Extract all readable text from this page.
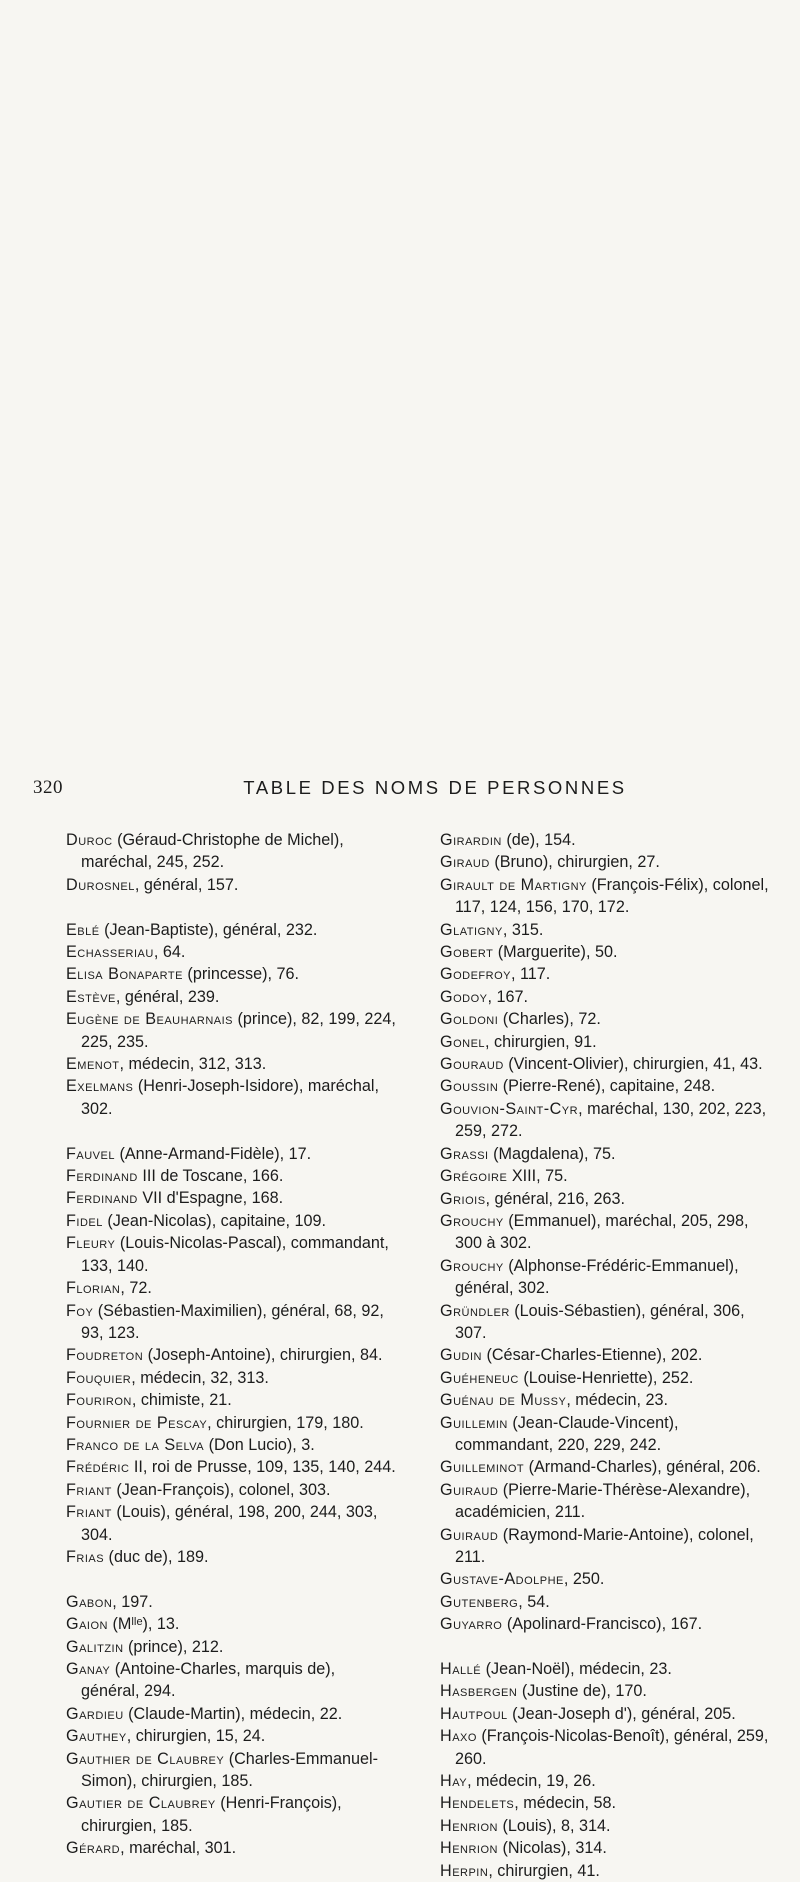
320	TABLE DES NOMS DE PERSONNES
Duroc (Géraud-Christophe de Michel), maréchal, 245, 252.
Durosnel, général, 157.
Eblé (Jean-Baptiste), général, 232.
Echasseriau, 64.
Elisa Bonaparte (princesse), 76.
Estève, général, 239.
Eugène de Beauharnais (prince), 82, 199, 224, 225, 235.
Emenot, médecin, 312, 313.
Exelmans (Henri-Joseph-Isidore), maréchal, 302.
Fauvel (Anne-Armand-Fidèle), 17.
Ferdinand III de Toscane, 166.
Ferdinand VII d'Espagne, 168.
Fidel (Jean-Nicolas), capitaine, 109.
Fleury (Louis-Nicolas-Pascal), commandant, 133, 140.
Florian, 72.
Foy (Sébastien-Maximilien), général, 68, 92, 93, 123.
Foudreton (Joseph-Antoine), chirurgien, 84.
Fouquier, médecin, 32, 313.
Fouriron, chimiste, 21.
Fournier de Pescay, chirurgien, 179, 180.
Franco de la Selva (Don Lucio), 3.
Frédéric II, roi de Prusse, 109, 135, 140, 244.
Friant (Jean-François), colonel, 303.
Friant (Louis), général, 198, 200, 244, 303, 304.
Frias (duc de), 189.
Gabon, 197.
Gaion (Mˡˡᵉ), 13.
Galitzin (prince), 212.
Ganay (Antoine-Charles, marquis de), général, 294.
Gardieu (Claude-Martin), médecin, 22.
Gauthey, chirurgien, 15, 24.
Gauthier de Claubrey (Charles-Emmanuel-Simon), chirurgien, 185.
Gautier de Claubrey (Henri-François), chirurgien, 185.
Gérard, maréchal, 301.
Girardin (de), 154.
Giraud (Bruno), chirurgien, 27.
Girault de Martigny (François-Félix), colonel, 117, 124, 156, 170, 172.
Glatigny, 315.
Gobert (Marguerite), 50.
Godefroy, 117.
Godoy, 167.
Goldoni (Charles), 72.
Gonel, chirurgien, 91.
Gouraud (Vincent-Olivier), chirurgien, 41, 43.
Goussin (Pierre-René), capitaine, 248.
Gouvion-Saint-Cyr, maréchal, 130, 202, 223, 259, 272.
Grassi (Magdalena), 75.
Grégoire XIII, 75.
Griois, général, 216, 263.
Grouchy (Emmanuel), maréchal, 205, 298, 300 à 302.
Grouchy (Alphonse-Frédéric-Emmanuel), général, 302.
Gründler (Louis-Sébastien), général, 306, 307.
Gudin (César-Charles-Etienne), 202.
Guéheneuc (Louise-Henriette), 252.
Guénau de Mussy, médecin, 23.
Guillemin (Jean-Claude-Vincent), commandant, 220, 229, 242.
Guilleminot (Armand-Charles), général, 206.
Guiraud (Pierre-Marie-Thérèse-Alexandre), académicien, 211.
Guiraud (Raymond-Marie-Antoine), colonel, 211.
Gustave-Adolphe, 250.
Gutenberg, 54.
Guyarro (Apolinard-Francisco), 167.
Hallé (Jean-Noël), médecin, 23.
Hasbergen (Justine de), 170.
Hautpoul (Jean-Joseph d'), général, 205.
Haxo (François-Nicolas-Benoît), général, 259, 260.
Hay, médecin, 19, 26.
Hendelets, médecin, 58.
Henrion (Louis), 8, 314.
Henrion (Nicolas), 314.
Herpin, chirurgien, 41.
